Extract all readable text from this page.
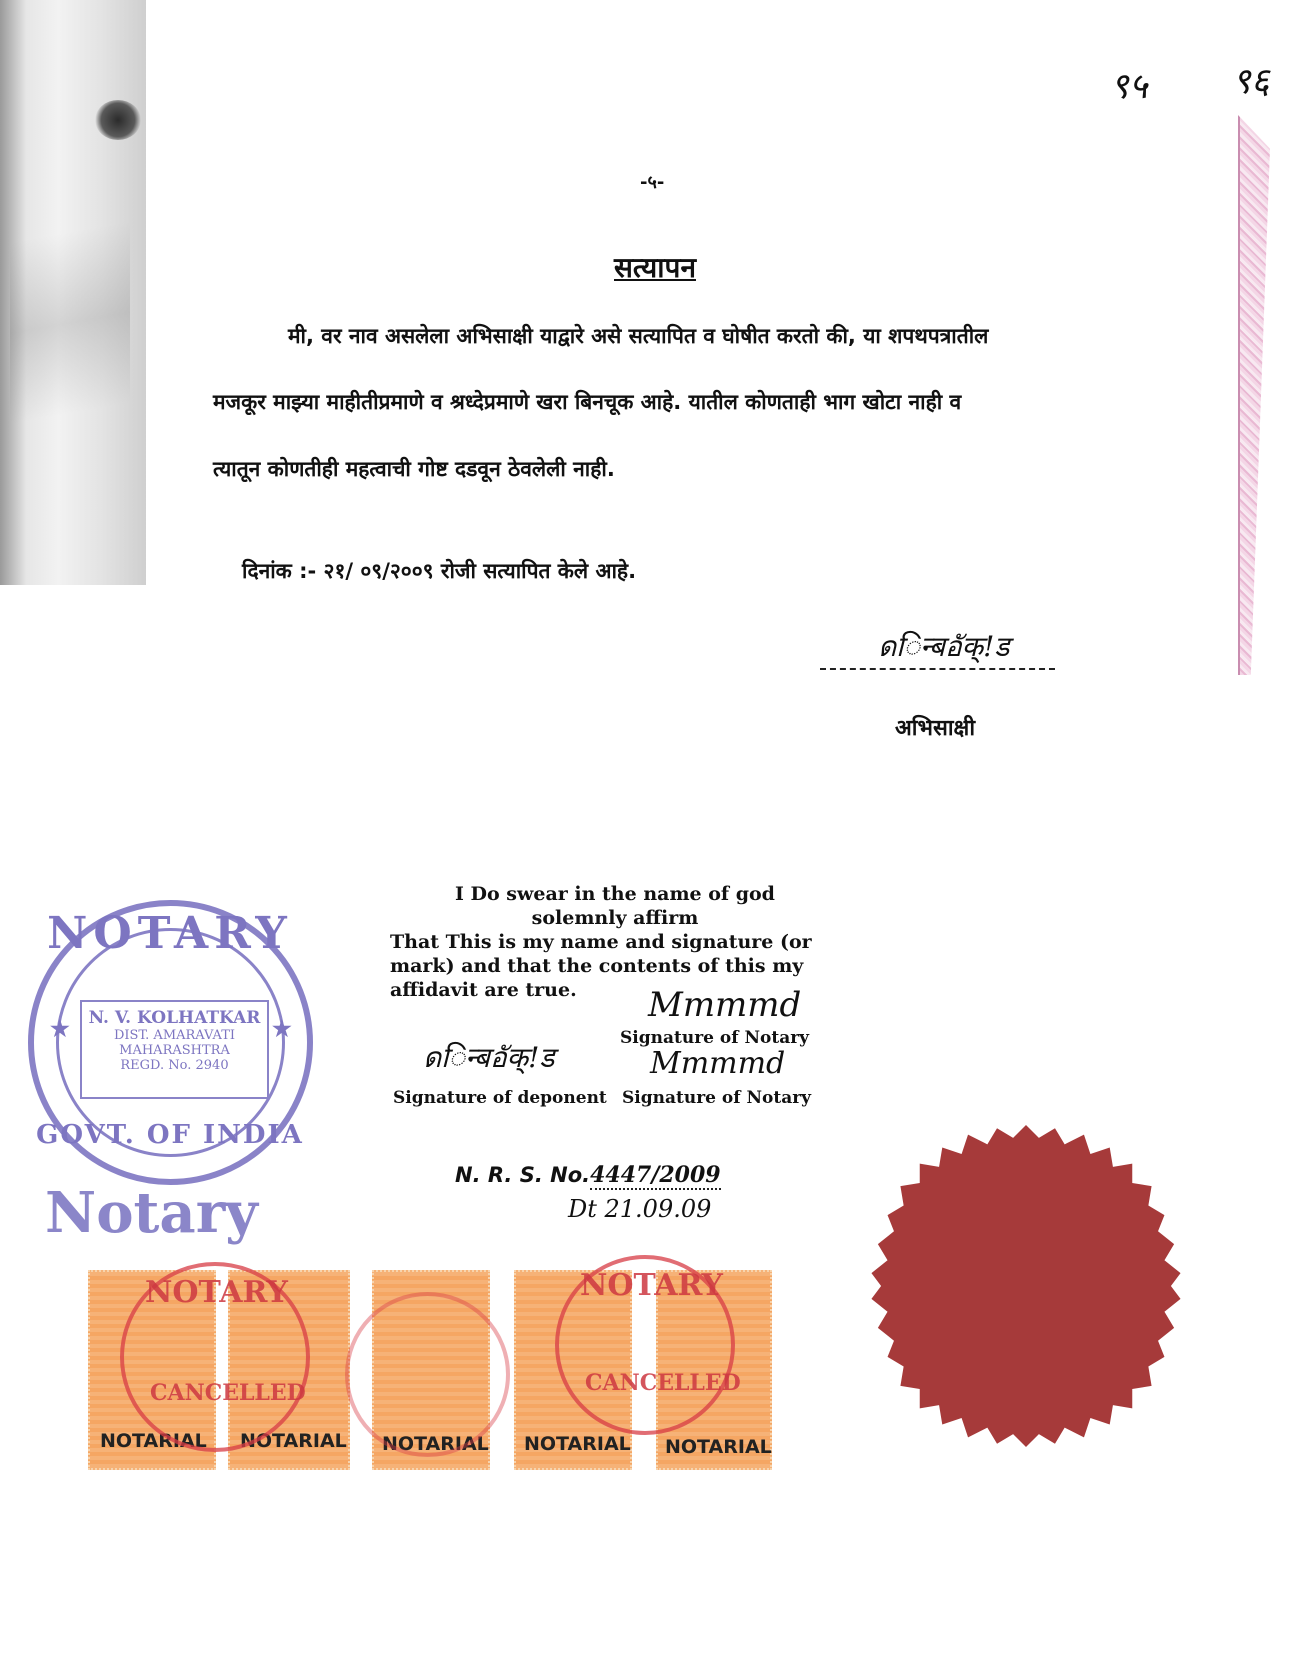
९५ ९६
-५-
सत्यापन
मी, वर नाव असलेला अभिसाक्षी याद्वारे असे सत्यापित व घोषीत करतो की, या शपथपत्रातील
मजकूर माझ्या माहीतीप्रमाणे व श्रध्देप्रमाणे खरा बिनचूक आहे. यातील कोणताही भाग खोटा नाही व
त्यातून कोणतीही महत्वाची गोष्ट दडवून ठेवलेली नाही.
दिनांक :- २१/ ०९/२००९ रोजी सत्यापित केले आहे.
ดिन्बอัक्!ड
अभिसाक्षी
I Do swear in the name of god
solemnly affirm
That This is my name and signature (or
mark) and that the contents of this my
affidavit are true.	Mmmmd
Signature of Notary
ดिन्बอัक्!ड	Mmmmd
Signature of deponent Signature of Notary
N. R. S. No.4447/2009
Dt 21.09.09
NOTARY
GOVT. OF INDIA
N. V. KOLHATKAR
DIST. AMARAVATI
MAHARASHTRA
REGD. No. 2940
★	★
Notary
NOTARIAL NOTARIAL NOTARIAL NOTARIAL NOTARIAL
NOTARY
CANCELLED
NOTARY
CANCELLED
